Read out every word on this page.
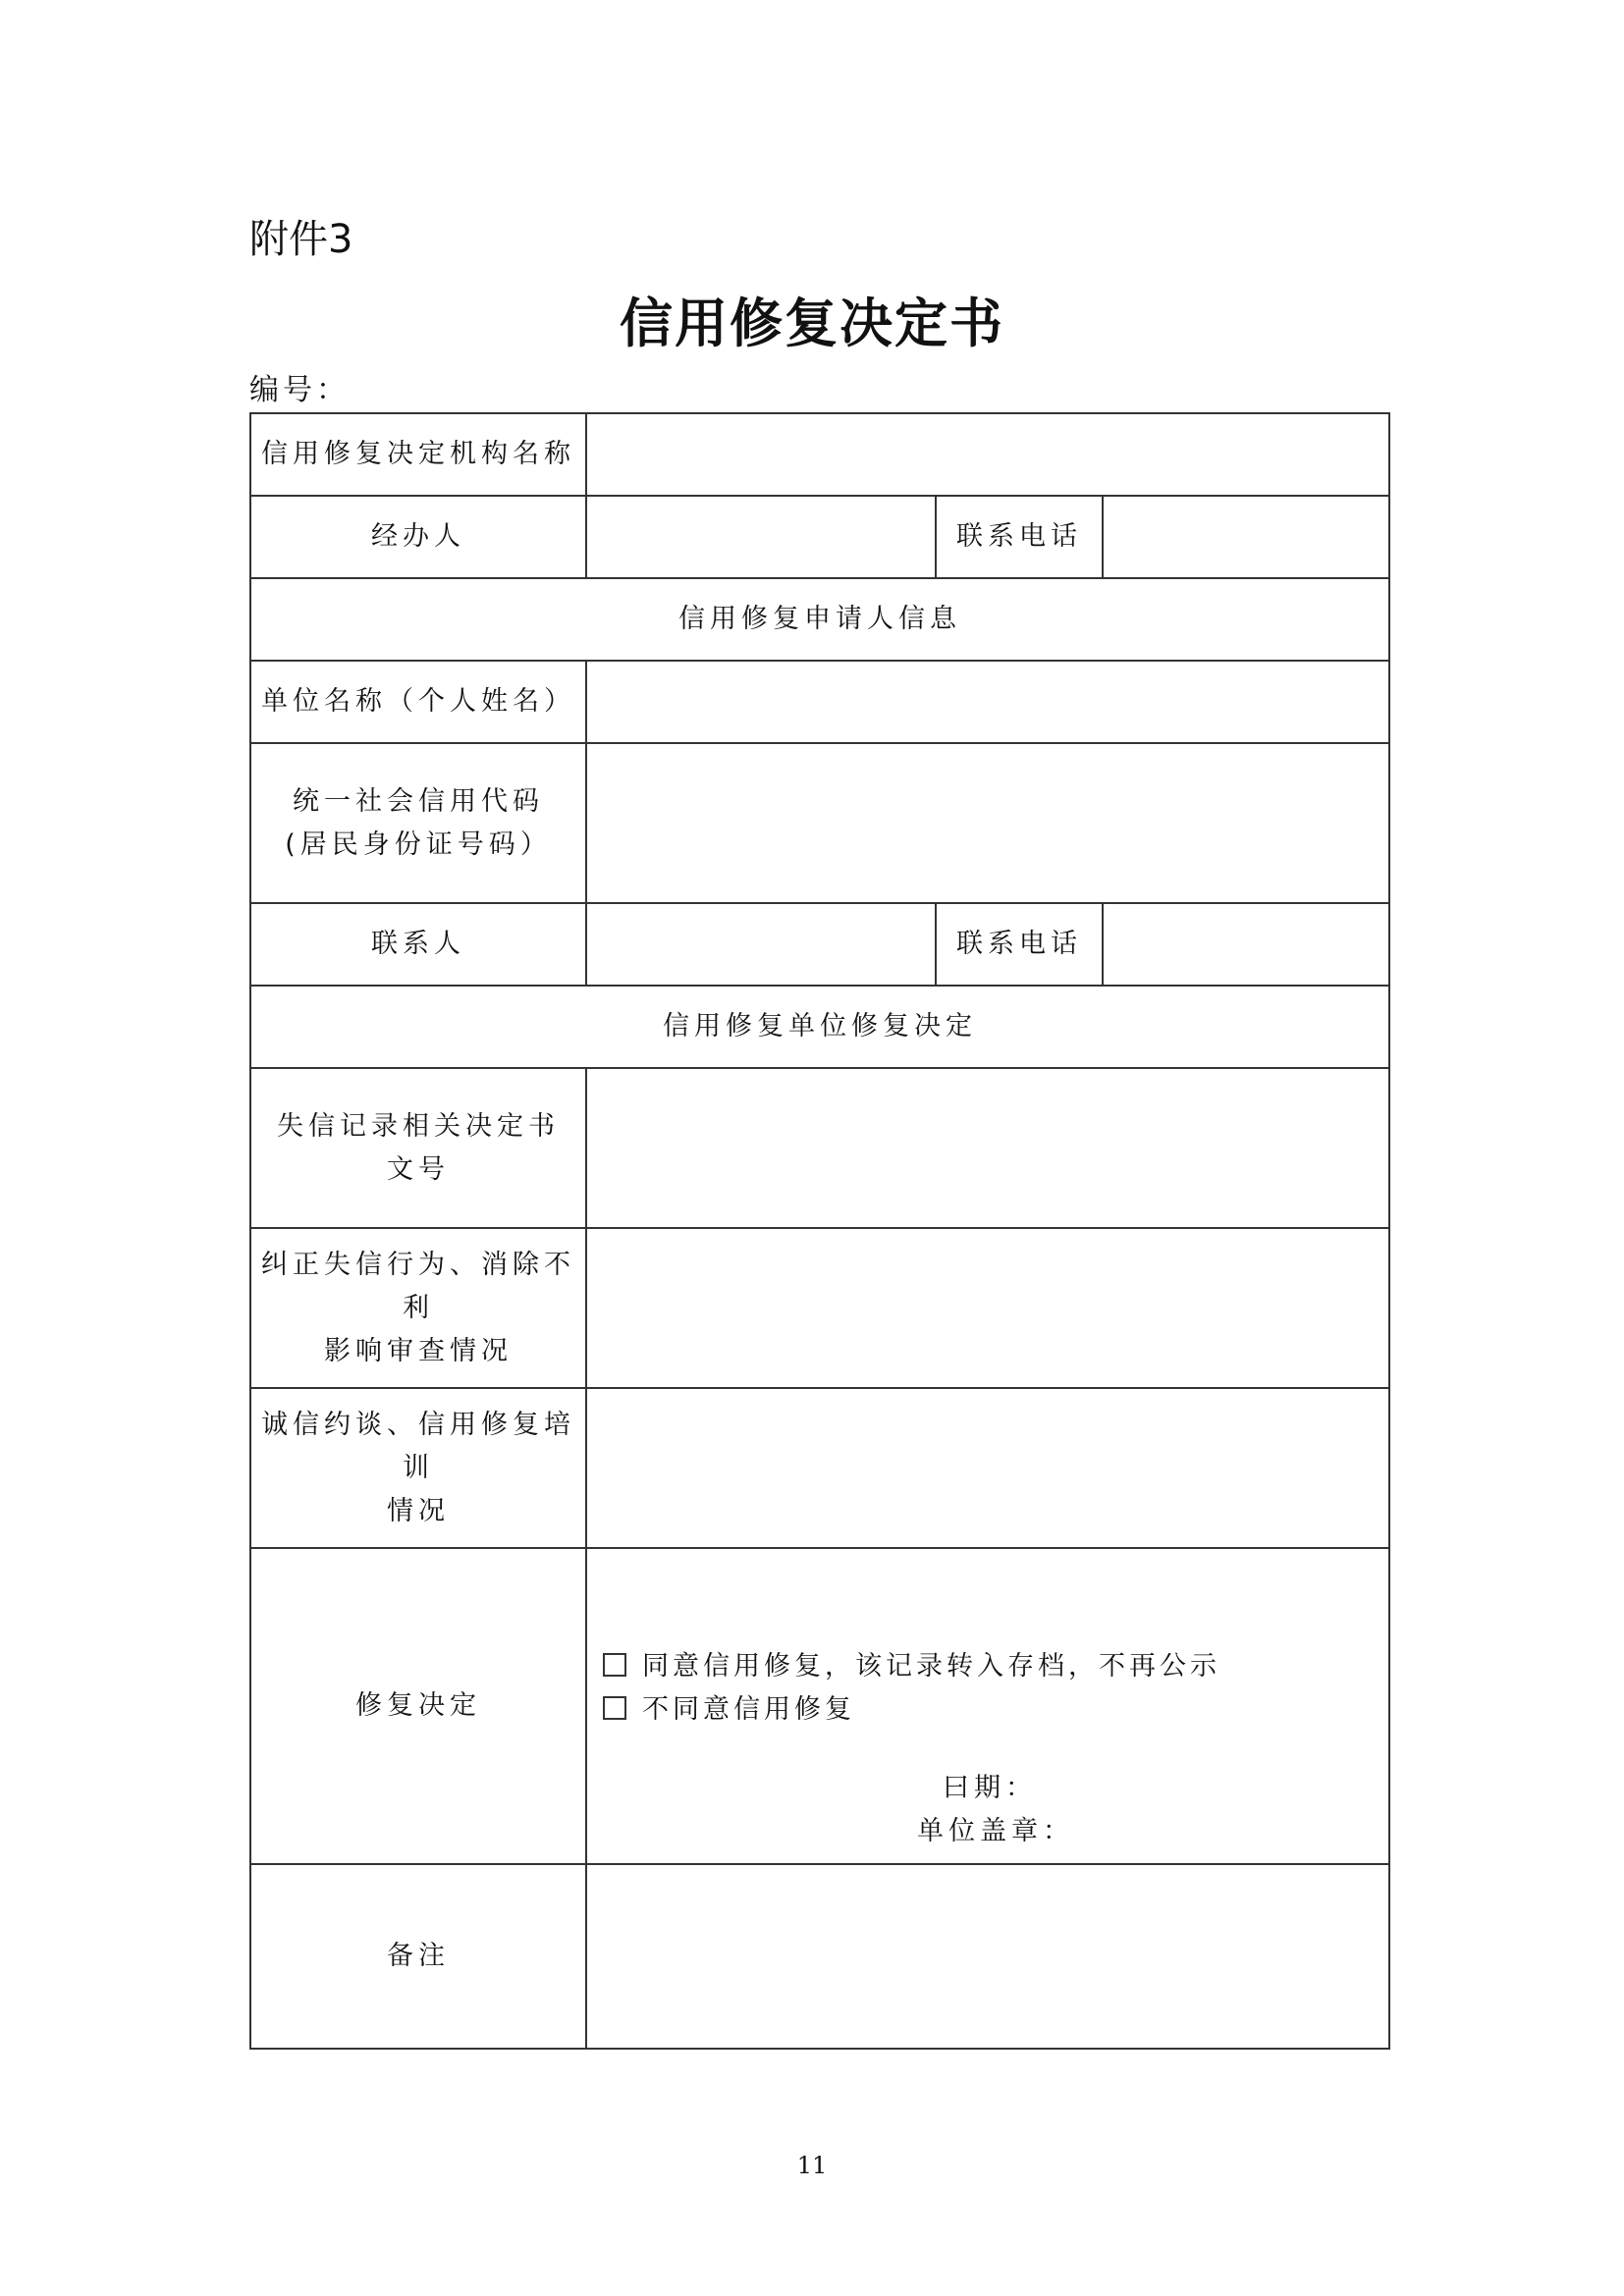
附件3
信用修复决定书
编号：
信用修复决定机构名称			
经办人		联系电话	
信用修复申请人信息			
单位名称（个人姓名）			

统一社会信用代码
(居民身份证号码）			

联系人		联系电话	
信用修复单位修复决定			

失信记录相关决定书
文号			

纠正失信行为、消除不利
影响审查情况			

诚信约谈、信用修复培训
情况			

修复决定	同意信用修复，该记录转入存档，不再公示
不同意信用修复
曰期：
单位盖章：		

备注			
11
